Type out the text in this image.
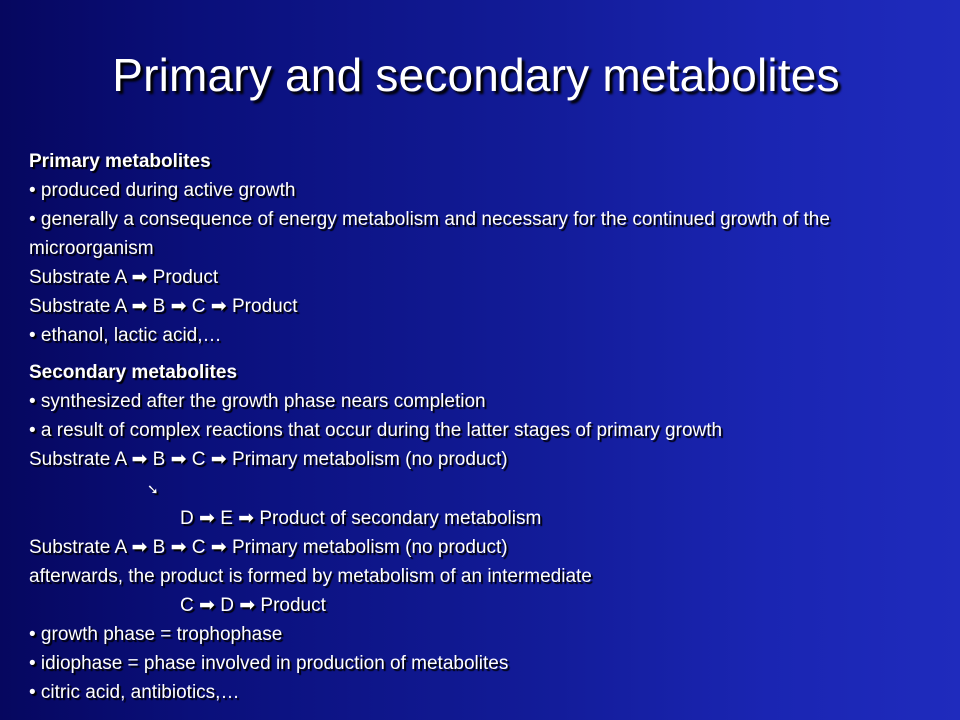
Primary and secondary metabolites

Primary metabolites

• produced during active growth

• generally a consequence of energy metabolism and necessary for the continued growth of the microorganism

Substrate A ➡ Product

Substrate A ➡ B ➡ C ➡ Product

• ethanol, lactic acid,…

Secondary metabolites

• synthesized after the growth phase nears completion

• a result of complex reactions that occur during the latter stages of primary growth

Substrate A ➡ B ➡ C ➡ Primary metabolism (no product)

➘

D ➡ E ➡ Product of secondary metabolism

Substrate A ➡ B ➡ C ➡ Primary metabolism (no product)

afterwards, the product is formed by metabolism of an intermediate

C ➡ D ➡ Product

• growth phase = trophophase

• idiophase = phase involved in production of metabolites

• citric acid, antibiotics,…
